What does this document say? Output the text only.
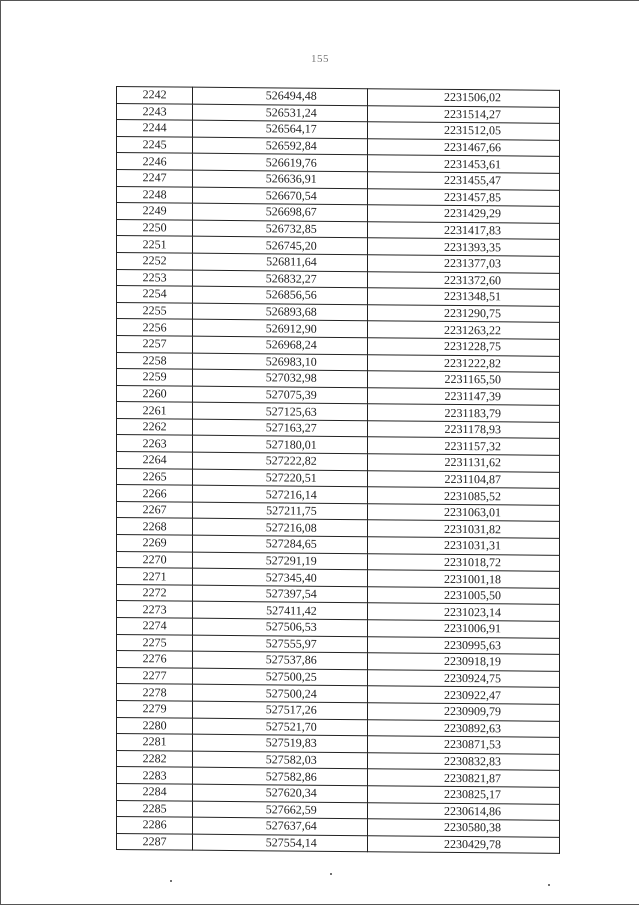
155
2242	526494,48	2231506,02
2243	526531,24	2231514,27
2244	526564,17	2231512,05
2245	526592,84	2231467,66
2246	526619,76	2231453,61
2247	526636,91	2231455,47
2248	526670,54	2231457,85
2249	526698,67	2231429,29
2250	526732,85	2231417,83
2251	526745,20	2231393,35
2252	526811,64	2231377,03
2253	526832,27	2231372,60
2254	526856,56	2231348,51
2255	526893,68	2231290,75
2256	526912,90	2231263,22
2257	526968,24	2231228,75
2258	526983,10	2231222,82
2259	527032,98	2231165,50
2260	527075,39	2231147,39
2261	527125,63	2231183,79
2262	527163,27	2231178,93
2263	527180,01	2231157,32
2264	527222,82	2231131,62
2265	527220,51	2231104,87
2266	527216,14	2231085,52
2267	527211,75	2231063,01
2268	527216,08	2231031,82
2269	527284,65	2231031,31
2270	527291,19	2231018,72
2271	527345,40	2231001,18
2272	527397,54	2231005,50
2273	527411,42	2231023,14
2274	527506,53	2231006,91
2275	527555,97	2230995,63
2276	527537,86	2230918,19
2277	527500,25	2230924,75
2278	527500,24	2230922,47
2279	527517,26	2230909,79
2280	527521,70	2230892,63
2281	527519,83	2230871,53
2282	527582,03	2230832,83
2283	527582,86	2230821,87
2284	527620,34	2230825,17
2285	527662,59	2230614,86
2286	527637,64	2230580,38
2287	527554,14	2230429,78
